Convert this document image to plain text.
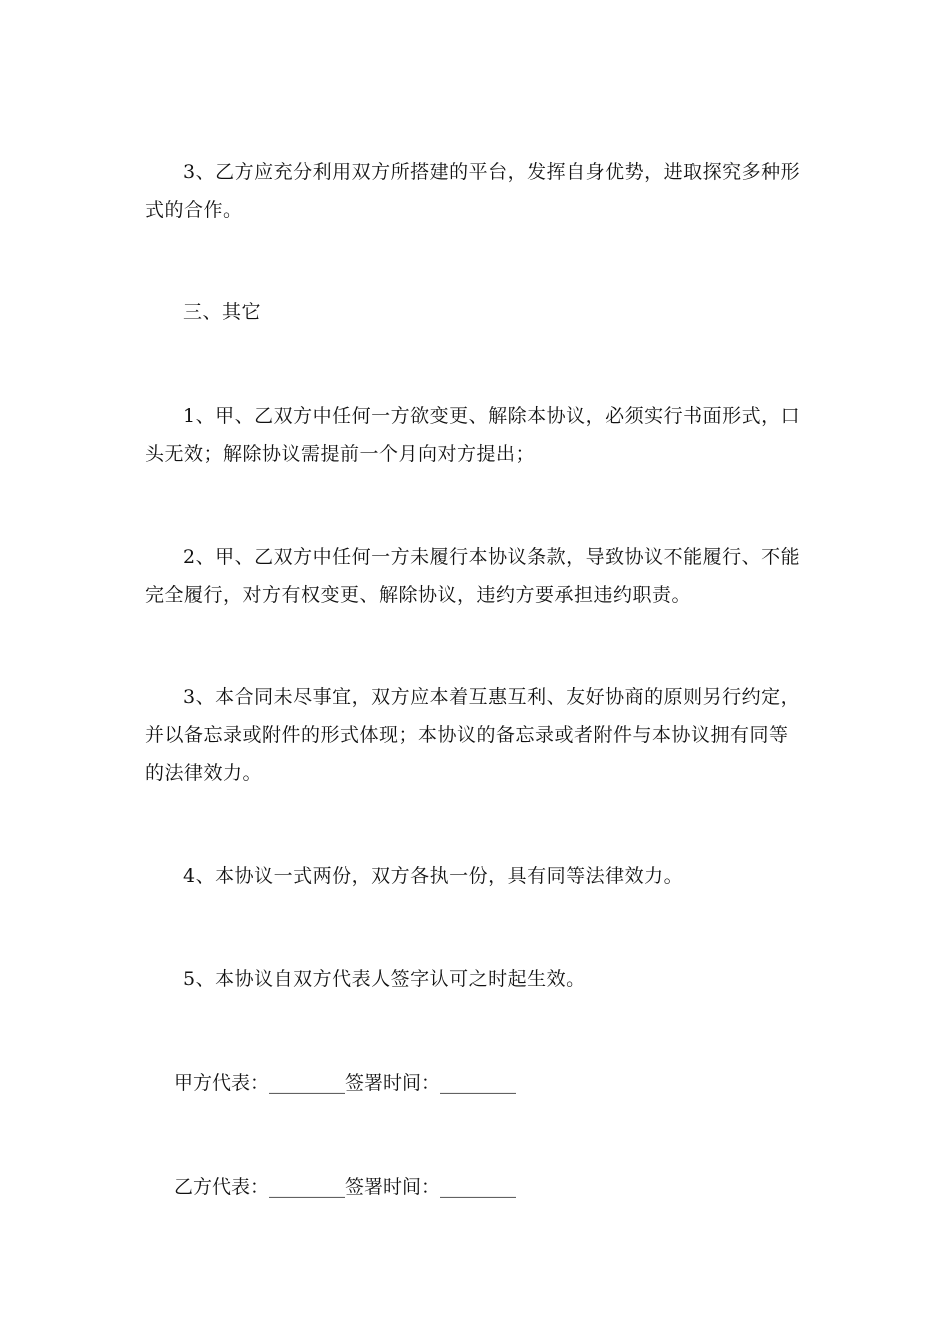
3、乙方应充分利用双方所搭建的平台，发挥自身优势，进取探究多种形式的合作。

三、其它

1、甲、乙双方中任何一方欲变更、解除本协议，必须实行书面形式，口头无效；解除协议需提前一个月向对方提出；

2、甲、乙双方中任何一方未履行本协议条款，导致协议不能履行、不能完全履行，对方有权变更、解除协议，违约方要承担违约职责。

3、本合同未尽事宜，双方应本着互惠互利、友好协商的原则另行约定，并以备忘录或附件的形式体现；本协议的备忘录或者附件与本协议拥有同等的法律效力。

4、本协议一式两份，双方各执一份，具有同等法律效力。

5、本协议自双方代表人签字认可之时起生效。

甲方代表：________签署时间：________

乙方代表：________签署时间：________
